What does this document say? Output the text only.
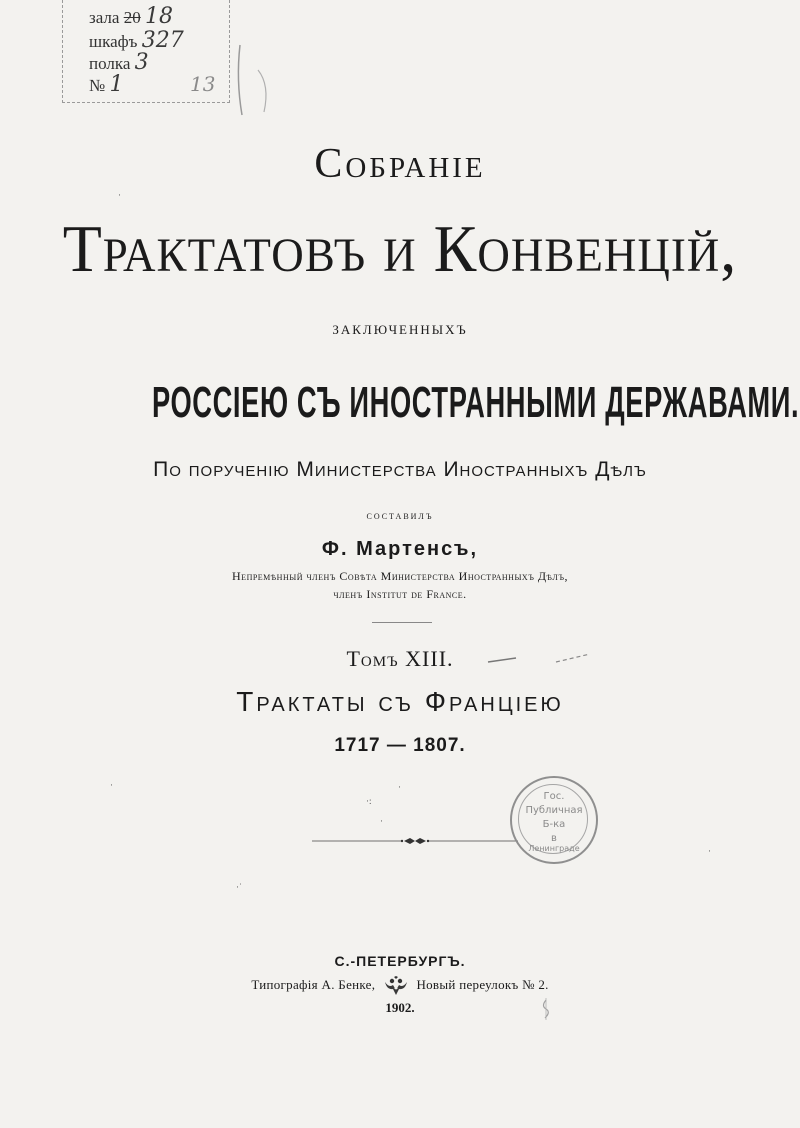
зала 20 18
шкафъ 327
полка 3
№ 1	13
Собраніе
Трактатовъ и Конвенцій,
заключенныхъ
РОССІЕЮ СЪ ИНОСТРАННЫМИ ДЕРЖАВАМИ.
По порученію Министерства Иностранныхъ Дѣлъ
составилъ
Ф. Мартенсъ,
Непремѣнный членъ Совѣта Министерства Иностранныхъ Дѣлъ,
членъ Institut de France.
Томъ XIII.
Трактаты съ Франціею
1717 — 1807.
Гос.
Публичная
Б-ка
в
Ленинграде
С.-ПЕТЕРБУРГЪ.
Типографія А. Бенке,	Новый переулокъ № 2.
1902.
·:
·
·
·˙
·
·
·
